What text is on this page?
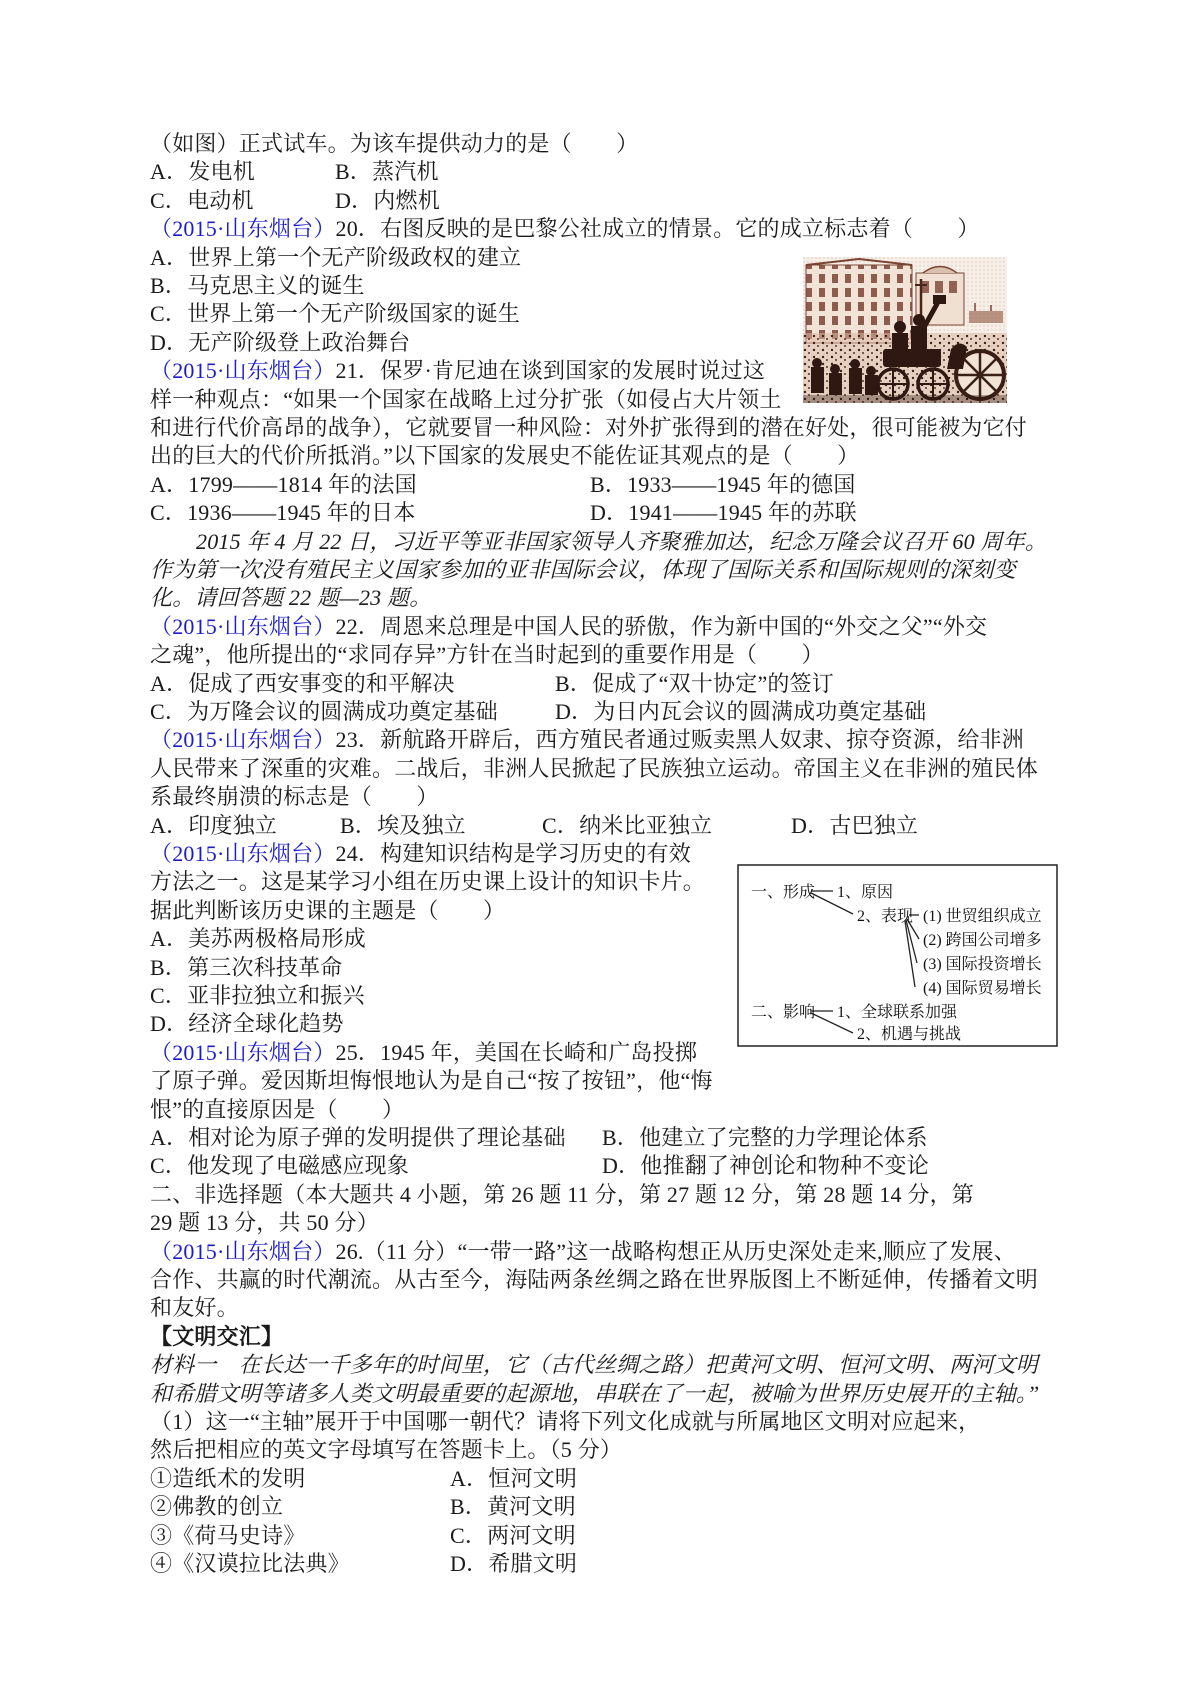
一、形成 1、原因
2、表现 (1) 世贸组织成立
(2) 跨国公司增多
(3) 国际投资增长
(4) 国际贸易增长
二、影响 1、全球联系加强
2、机遇与挑战
（如图）正式试车。为该车提供动力的是（　　）
A．发电机	B．蒸汽机
C．电动机	D．内燃机
（2015·山东烟台）20．右图反映的是巴黎公社成立的情景。它的成立标志着（　　）
A．世界上第一个无产阶级政权的建立
B．马克思主义的诞生
C．世界上第一个无产阶级国家的诞生
D．无产阶级登上政治舞台
（2015·山东烟台）21．保罗·肯尼迪在谈到国家的发展时说过这
样一种观点：“如果一个国家在战略上过分扩张（如侵占大片领土
和进行代价高昂的战争），它就要冒一种风险：对外扩张得到的潜在好处，很可能被为它付
出的巨大的代价所抵消。”以下国家的发展史不能佐证其观点的是（　　）
A．1799——1814 年的法国	B．1933——1945 年的德国
C．1936——1945 年的日本	D．1941——1945 年的苏联
2015 年 4 月 22 日，习近平等亚非国家领导人齐聚雅加达，纪念万隆会议召开 60 周年。
作为第一次没有殖民主义国家参加的亚非国际会议，体现了国际关系和国际规则的深刻变
化。请回答题 22 题—23 题。
（2015·山东烟台）22．周恩来总理是中国人民的骄傲，作为新中国的“外交之父”“外交
之魂”，他所提出的“求同存异”方针在当时起到的重要作用是（　　）
A．促成了西安事变的和平解决	B．促成了“双十协定”的签订
C．为万隆会议的圆满成功奠定基础	D．为日内瓦会议的圆满成功奠定基础
（2015·山东烟台）23．新航路开辟后，西方殖民者通过贩卖黑人奴隶、掠夺资源，给非洲
人民带来了深重的灾难。二战后，非洲人民掀起了民族独立运动。帝国主义在非洲的殖民体
系最终崩溃的标志是（　　）
A．印度独立	B．埃及独立	C．纳米比亚独立	D．古巴独立
（2015·山东烟台）24．构建知识结构是学习历史的有效
方法之一。这是某学习小组在历史课上设计的知识卡片。
据此判断该历史课的主题是（　　）
A．美苏两极格局形成
B．第三次科技革命
C．亚非拉独立和振兴
D．经济全球化趋势
（2015·山东烟台）25．1945 年，美国在长崎和广岛投掷
了原子弹。爱因斯坦悔恨地认为是自己“按了按钮”，他“悔
恨”的直接原因是（　　）
A．相对论为原子弹的发明提供了理论基础 B．他建立了完整的力学理论体系
C．他发现了电磁感应现象	D．他推翻了神创论和物种不变论
二、非选择题（本大题共 4 小题，第 26 题 11 分，第 27 题 12 分，第 28 题 14 分，第
29 题 13 分，共 50 分）
（2015·山东烟台）26.（11 分）“一带一路”这一战略构想正从历史深处走来,顺应了发展、
合作、共赢的时代潮流。从古至今，海陆两条丝绸之路在世界版图上不断延伸，传播着文明
和友好。
【文明交汇】
材料一　在长达一千多年的时间里，它（古代丝绸之路）把黄河文明、恒河文明、两河文明
和希腊文明等诸多人类文明最重要的起源地，串联在了一起，被喻为世界历史展开的主轴。”
（1）这一“主轴”展开于中国哪一朝代？请将下列文化成就与所属地区文明对应起来，
然后把相应的英文字母填写在答题卡上。（5 分）
①造纸术的发明	A．恒河文明
②佛教的创立	B．黄河文明
③《荷马史诗》	C．两河文明
④《汉谟拉比法典》	D．希腊文明
